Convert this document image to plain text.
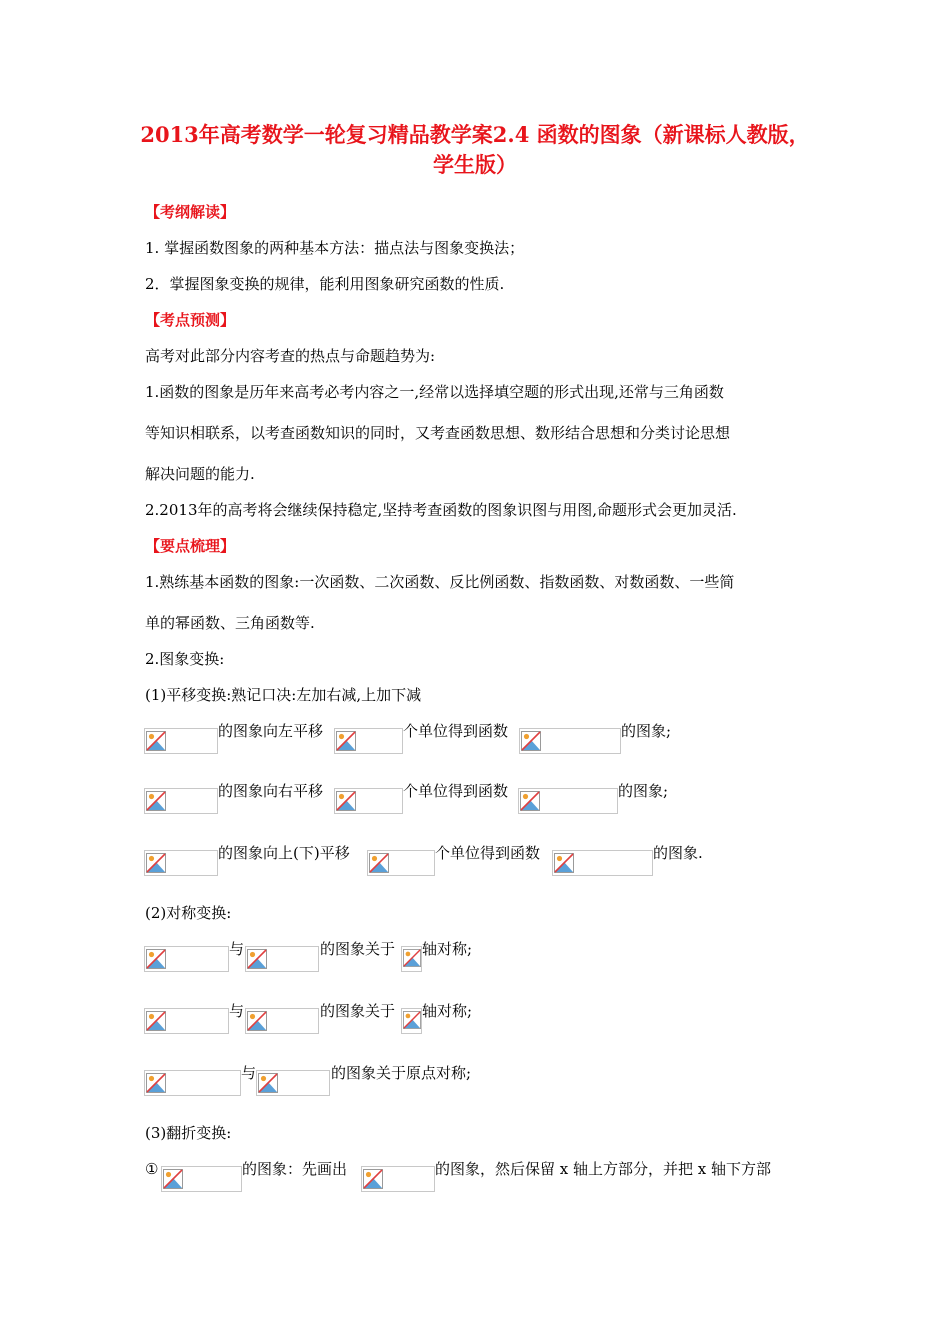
2013年高考数学一轮复习精品教学案2.4 函数的图象（新课标人教版，学生版）
【考纲解读】
1. 掌握函数图象的两种基本方法：描点法与图象变换法；
2．掌握图象变换的规律，能利用图象研究函数的性质.
【考点预测】
高考对此部分内容考查的热点与命题趋势为:
1.函数的图象是历年来高考必考内容之一,经常以选择填空题的形式出现,还常与三角函数
等知识相联系，以考查函数知识的同时，又考查函数思想、数形结合思想和分类讨论思想
解决问题的能力.
2.2013年的高考将会继续保持稳定,坚持考查函数的图象识图与用图,命题形式会更加灵活.
【要点梳理】
1.熟练基本函数的图象:一次函数、二次函数、反比例函数、指数函数、对数函数、一些简
单的幂函数、三角函数等.
2.图象变换:
(1)平移变换:熟记口决:左加右减,上加下减
的图象向左平移	个单位得到函数	的图象;
的图象向右平移	个单位得到函数	的图象;
的图象向上(下)平移	个单位得到函数	的图象.
(2)对称变换:
与	的图象关于 轴对称;
与	的图象关于 轴对称;
与	的图象关于原点对称;
(3)翻折变换:
①	的图象：先画出	的图象，然后保留 x 轴上方部分，并把 x 轴下方部
